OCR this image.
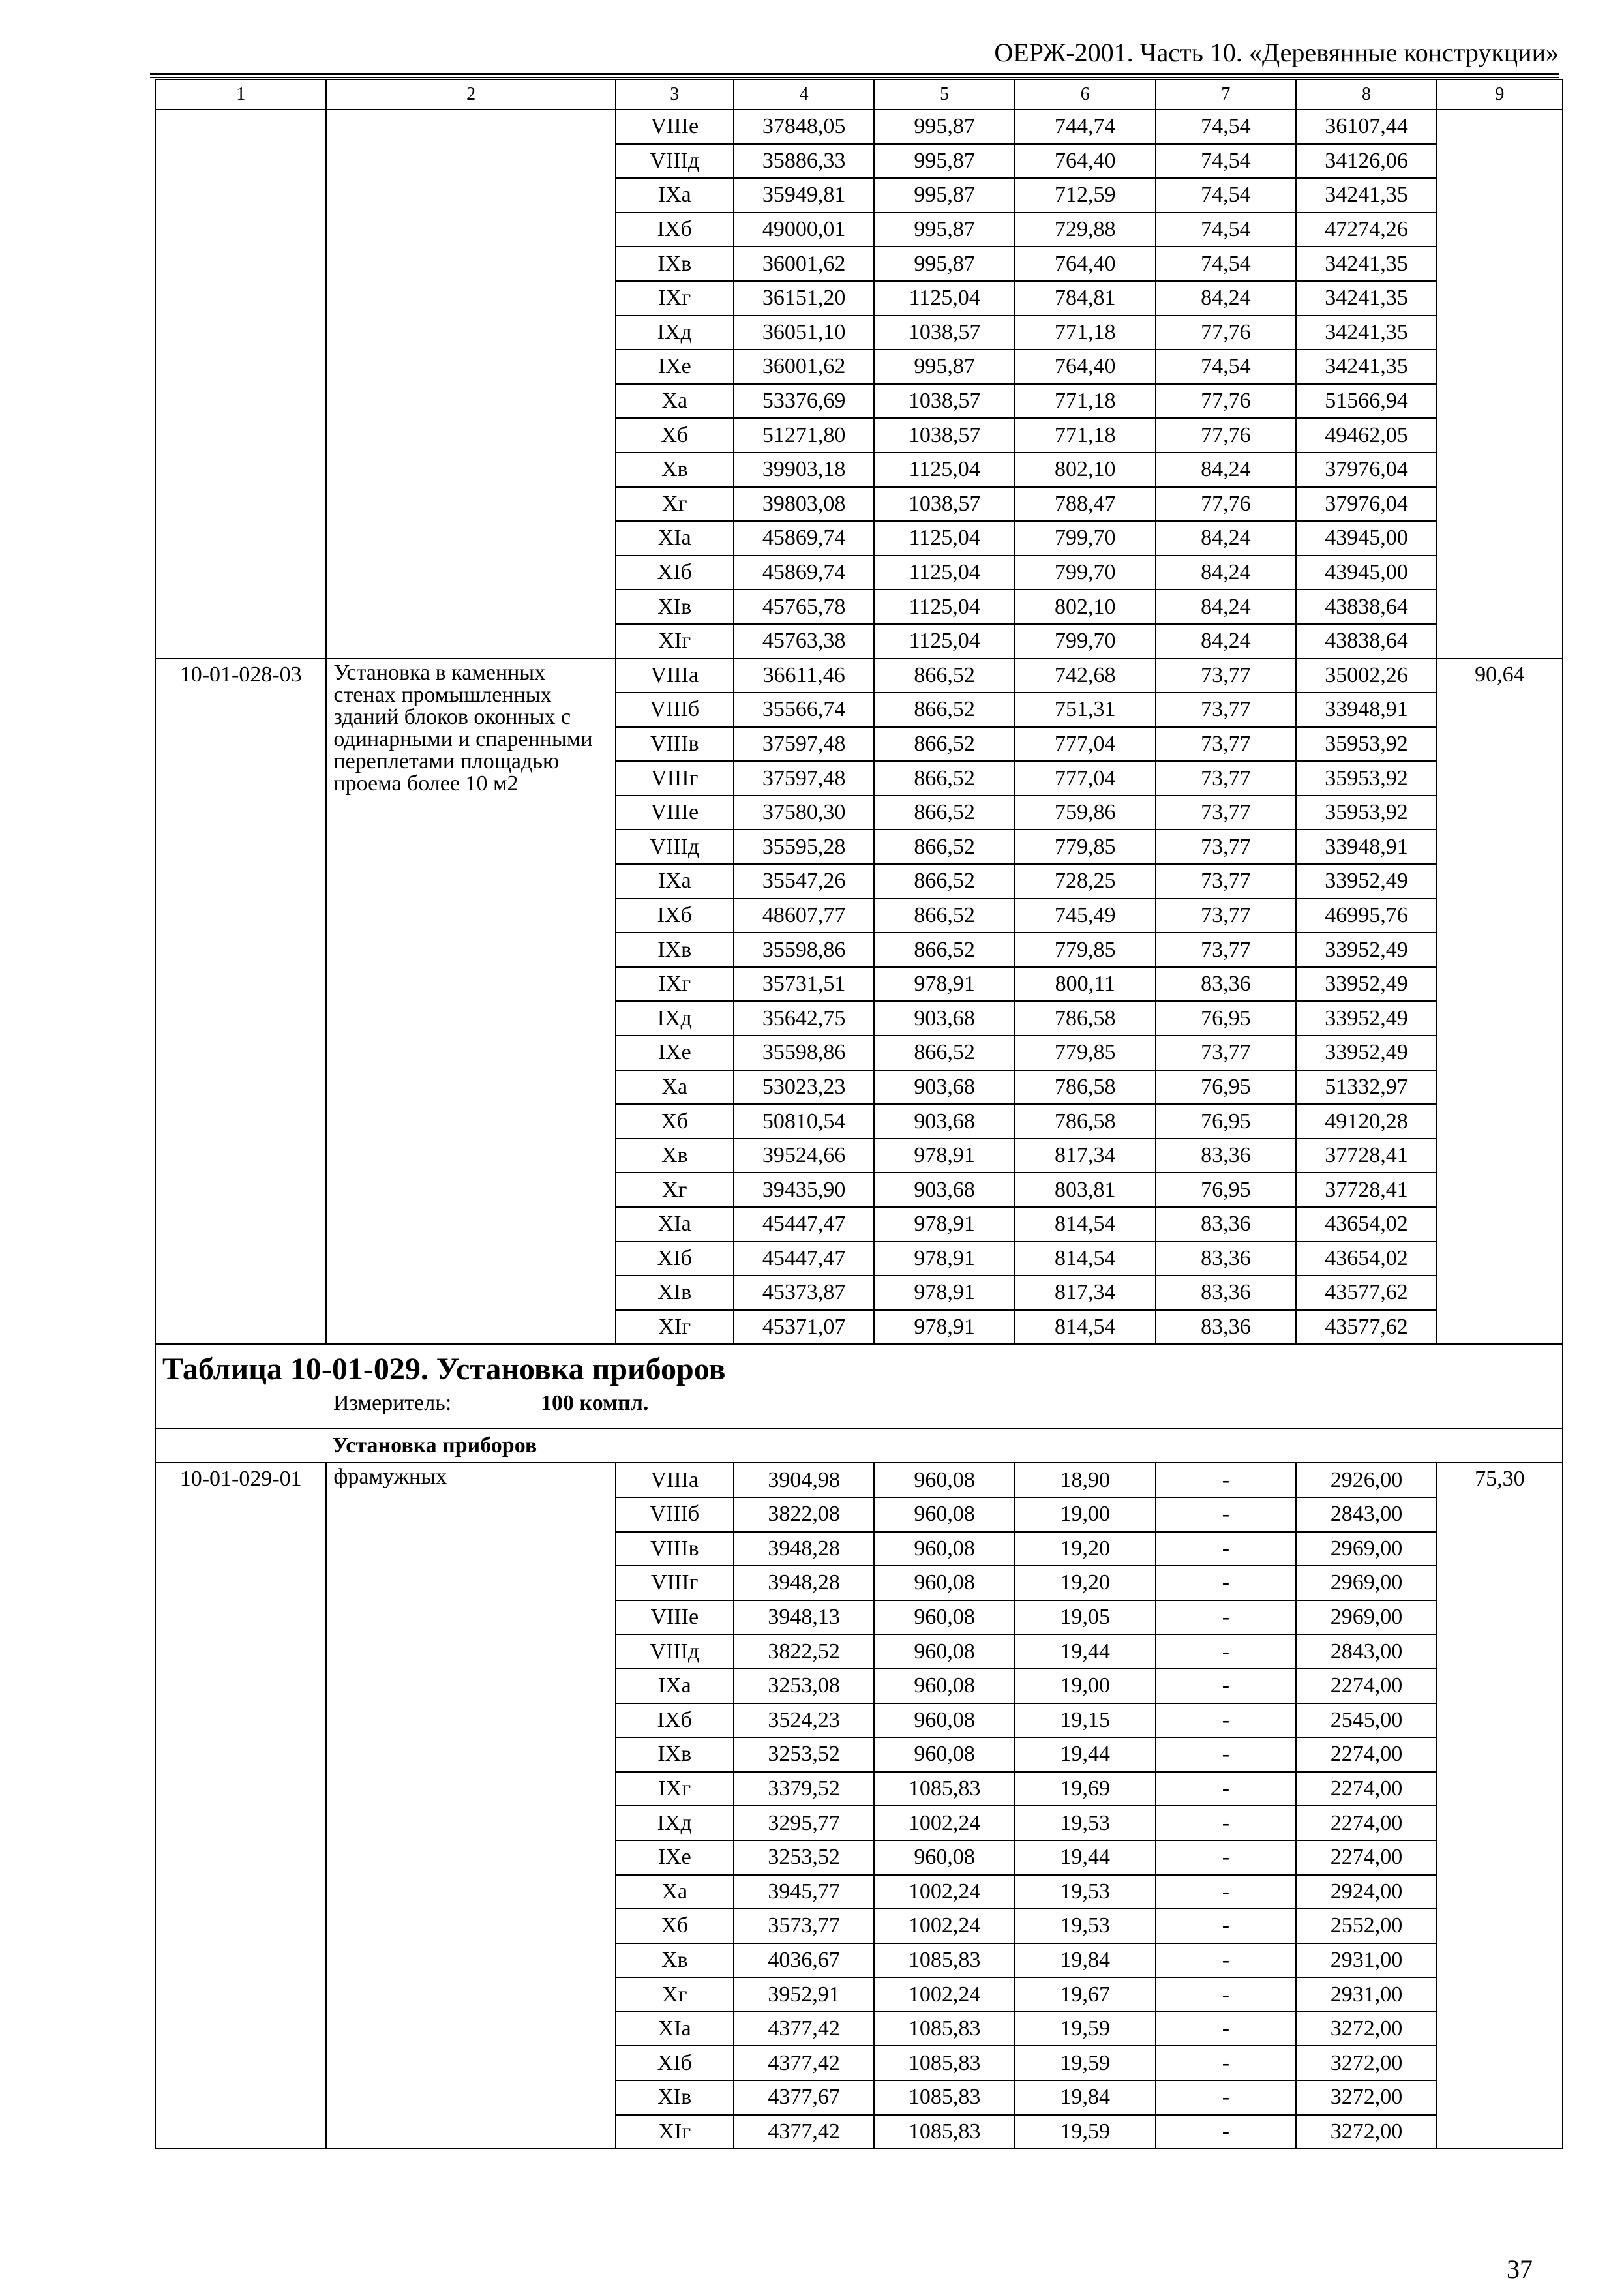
ОЕРЖ-2001. Часть 10. «Деревянные конструкции»
1	2	3	4	5	6	7	8	9
		VIIIе	37848,05	995,87	744,74	74,54	36107,44	
		VIIIд	35886,33	995,87	764,40	74,54	34126,06	
		IXа	35949,81	995,87	712,59	74,54	34241,35	
		IXб	49000,01	995,87	729,88	74,54	47274,26	
		IXв	36001,62	995,87	764,40	74,54	34241,35	
		IXг	36151,20	1125,04	784,81	84,24	34241,35	
		IXд	36051,10	1038,57	771,18	77,76	34241,35	
		IXе	36001,62	995,87	764,40	74,54	34241,35	
		Xа	53376,69	1038,57	771,18	77,76	51566,94	
		Xб	51271,80	1038,57	771,18	77,76	49462,05	
		Xв	39903,18	1125,04	802,10	84,24	37976,04	
		Xг	39803,08	1038,57	788,47	77,76	37976,04	
		XIа	45869,74	1125,04	799,70	84,24	43945,00	
		XIб	45869,74	1125,04	799,70	84,24	43945,00	
		XIв	45765,78	1125,04	802,10	84,24	43838,64	
		XIг	45763,38	1125,04	799,70	84,24	43838,64	
10-01-028-03	Установка в каменных стенах промышленных зданий блоков оконных с одинарными и спаренными переплетами площадью проема более 10 м2	VIIIа	36611,46	866,52	742,68	73,77	35002,26	90,64
		VIIIб	35566,74	866,52	751,31	73,77	33948,91	
		VIIIв	37597,48	866,52	777,04	73,77	35953,92	
		VIIIг	37597,48	866,52	777,04	73,77	35953,92	
		VIIIе	37580,30	866,52	759,86	73,77	35953,92	
		VIIIд	35595,28	866,52	779,85	73,77	33948,91	
		IXа	35547,26	866,52	728,25	73,77	33952,49	
		IXб	48607,77	866,52	745,49	73,77	46995,76	
		IXв	35598,86	866,52	779,85	73,77	33952,49	
		IXг	35731,51	978,91	800,11	83,36	33952,49	
		IXд	35642,75	903,68	786,58	76,95	33952,49	
		IXе	35598,86	866,52	779,85	73,77	33952,49	
		Xа	53023,23	903,68	786,58	76,95	51332,97	
		Xб	50810,54	903,68	786,58	76,95	49120,28	
		Xв	39524,66	978,91	817,34	83,36	37728,41	
		Xг	39435,90	903,68	803,81	76,95	37728,41	
		XIа	45447,47	978,91	814,54	83,36	43654,02	
		XIб	45447,47	978,91	814,54	83,36	43654,02	
		XIв	45373,87	978,91	817,34	83,36	43577,62	
		XIг	45371,07	978,91	814,54	83,36	43577,62	

Таблица 10-01-029. Установка приборов
Измеритель: 100 компл.								

Установка приборов								
10-01-029-01	фрамужных	VIIIа	3904,98	960,08	18,90	-	2926,00	75,30
		VIIIб	3822,08	960,08	19,00	-	2843,00	
		VIIIв	3948,28	960,08	19,20	-	2969,00	
		VIIIг	3948,28	960,08	19,20	-	2969,00	
		VIIIе	3948,13	960,08	19,05	-	2969,00	
		VIIIд	3822,52	960,08	19,44	-	2843,00	
		IXа	3253,08	960,08	19,00	-	2274,00	
		IXб	3524,23	960,08	19,15	-	2545,00	
		IXв	3253,52	960,08	19,44	-	2274,00	
		IXг	3379,52	1085,83	19,69	-	2274,00	
		IXд	3295,77	1002,24	19,53	-	2274,00	
		IXе	3253,52	960,08	19,44	-	2274,00	
		Xа	3945,77	1002,24	19,53	-	2924,00	
		Xб	3573,77	1002,24	19,53	-	2552,00	
		Xв	4036,67	1085,83	19,84	-	2931,00	
		Xг	3952,91	1002,24	19,67	-	2931,00	
		XIа	4377,42	1085,83	19,59	-	3272,00	
		XIб	4377,42	1085,83	19,59	-	3272,00	
		XIв	4377,67	1085,83	19,84	-	3272,00	
		XIг	4377,42	1085,83	19,59	-	3272,00	
37
